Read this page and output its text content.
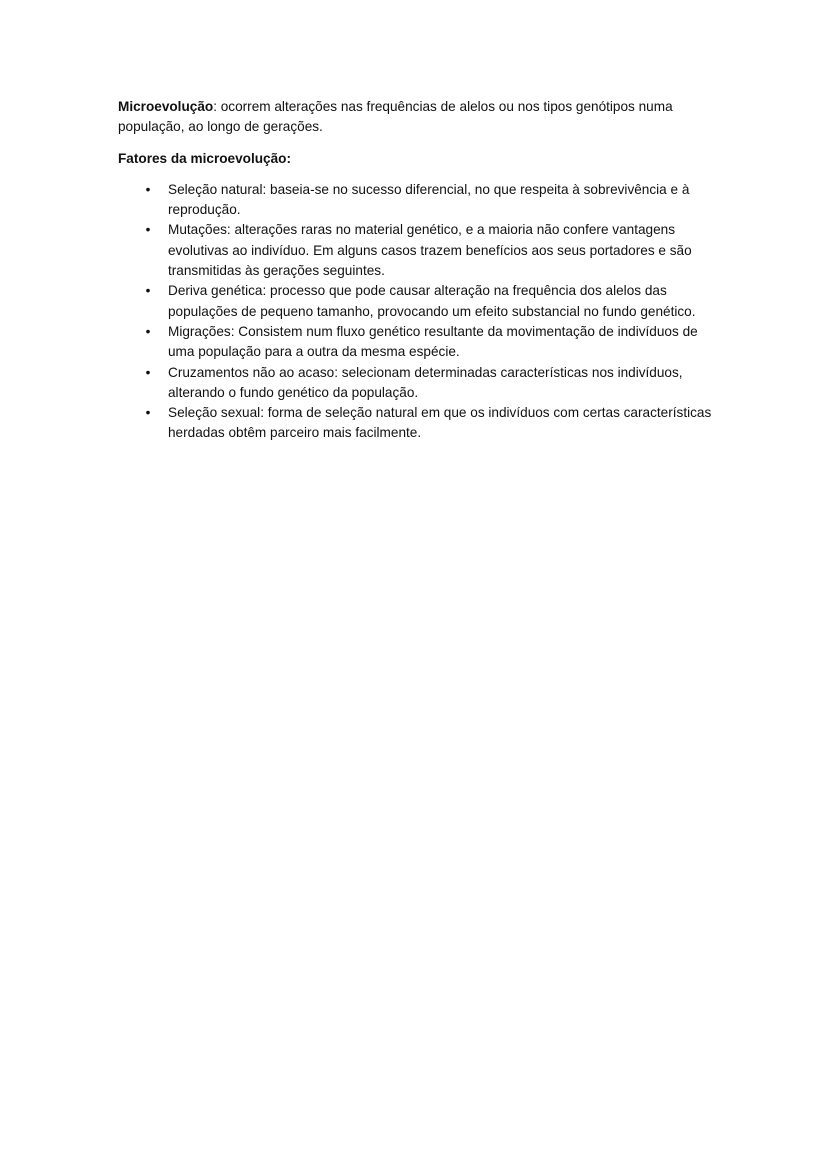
Microevolução: ocorrem alterações nas frequências de alelos ou nos tipos genótipos numa população, ao longo de gerações.

Fatores da microevolução:

• Seleção natural: baseia-se no sucesso diferencial, no que respeita à sobrevivência e à reprodução.
• Mutações: alterações raras no material genético, e a maioria não confere vantagens evolutivas ao indivíduo. Em alguns casos trazem benefícios aos seus portadores e são transmitidas às gerações seguintes.
• Deriva genética: processo que pode causar alteração na frequência dos alelos das populações de pequeno tamanho, provocando um efeito substancial no fundo genético.
• Migrações: Consistem num fluxo genético resultante da movimentação de indivíduos de uma população para a outra da mesma espécie.
• Cruzamentos não ao acaso: selecionam determinadas características nos indivíduos, alterando o fundo genético da população.
• Seleção sexual: forma de seleção natural em que os indivíduos com certas características herdadas obtêm parceiro mais facilmente.
